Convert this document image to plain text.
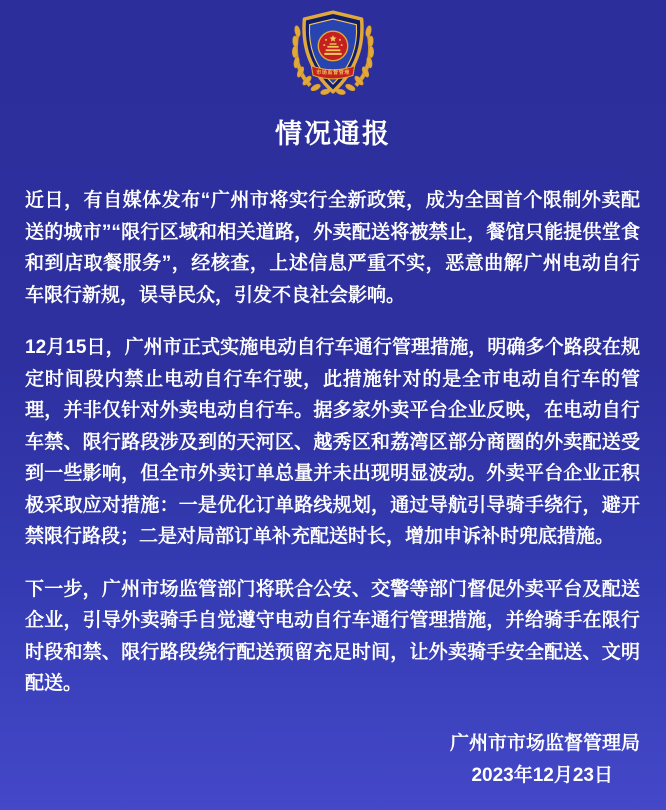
市场监督管理
情况通报

近日，有自媒体发布“广州市将实行全新政策，成为全国首个限制外卖配送的城市”“限行区域和相关道路，外卖配送将被禁止，餐馆只能提供堂食和到店取餐服务”，经核查，上述信息严重不实，恶意曲解广州电动自行车限行新规，误导民众，引发不良社会影响。

12月15日，广州市正式实施电动自行车通行管理措施，明确多个路段在规定时间段内禁止电动自行车行驶，此措施针对的是全市电动自行车的管理，并非仅针对外卖电动自行车。据多家外卖平台企业反映，在电动自行车禁、限行路段涉及到的天河区、越秀区和荔湾区部分商圈的外卖配送受到一些影响，但全市外卖订单总量并未出现明显波动。外卖平台企业正积极采取应对措施：一是优化订单路线规划，通过导航引导骑手绕行，避开禁限行路段；二是对局部订单补充配送时长，增加申诉补时兜底措施。

下一步，广州市场监管部门将联合公安、交警等部门督促外卖平台及配送企业，引导外卖骑手自觉遵守电动自行车通行管理措施，并给骑手在限行时段和禁、限行路段绕行配送预留充足时间，让外卖骑手安全配送、文明配送。

广州市市场监督管理局
2023年12月23日
